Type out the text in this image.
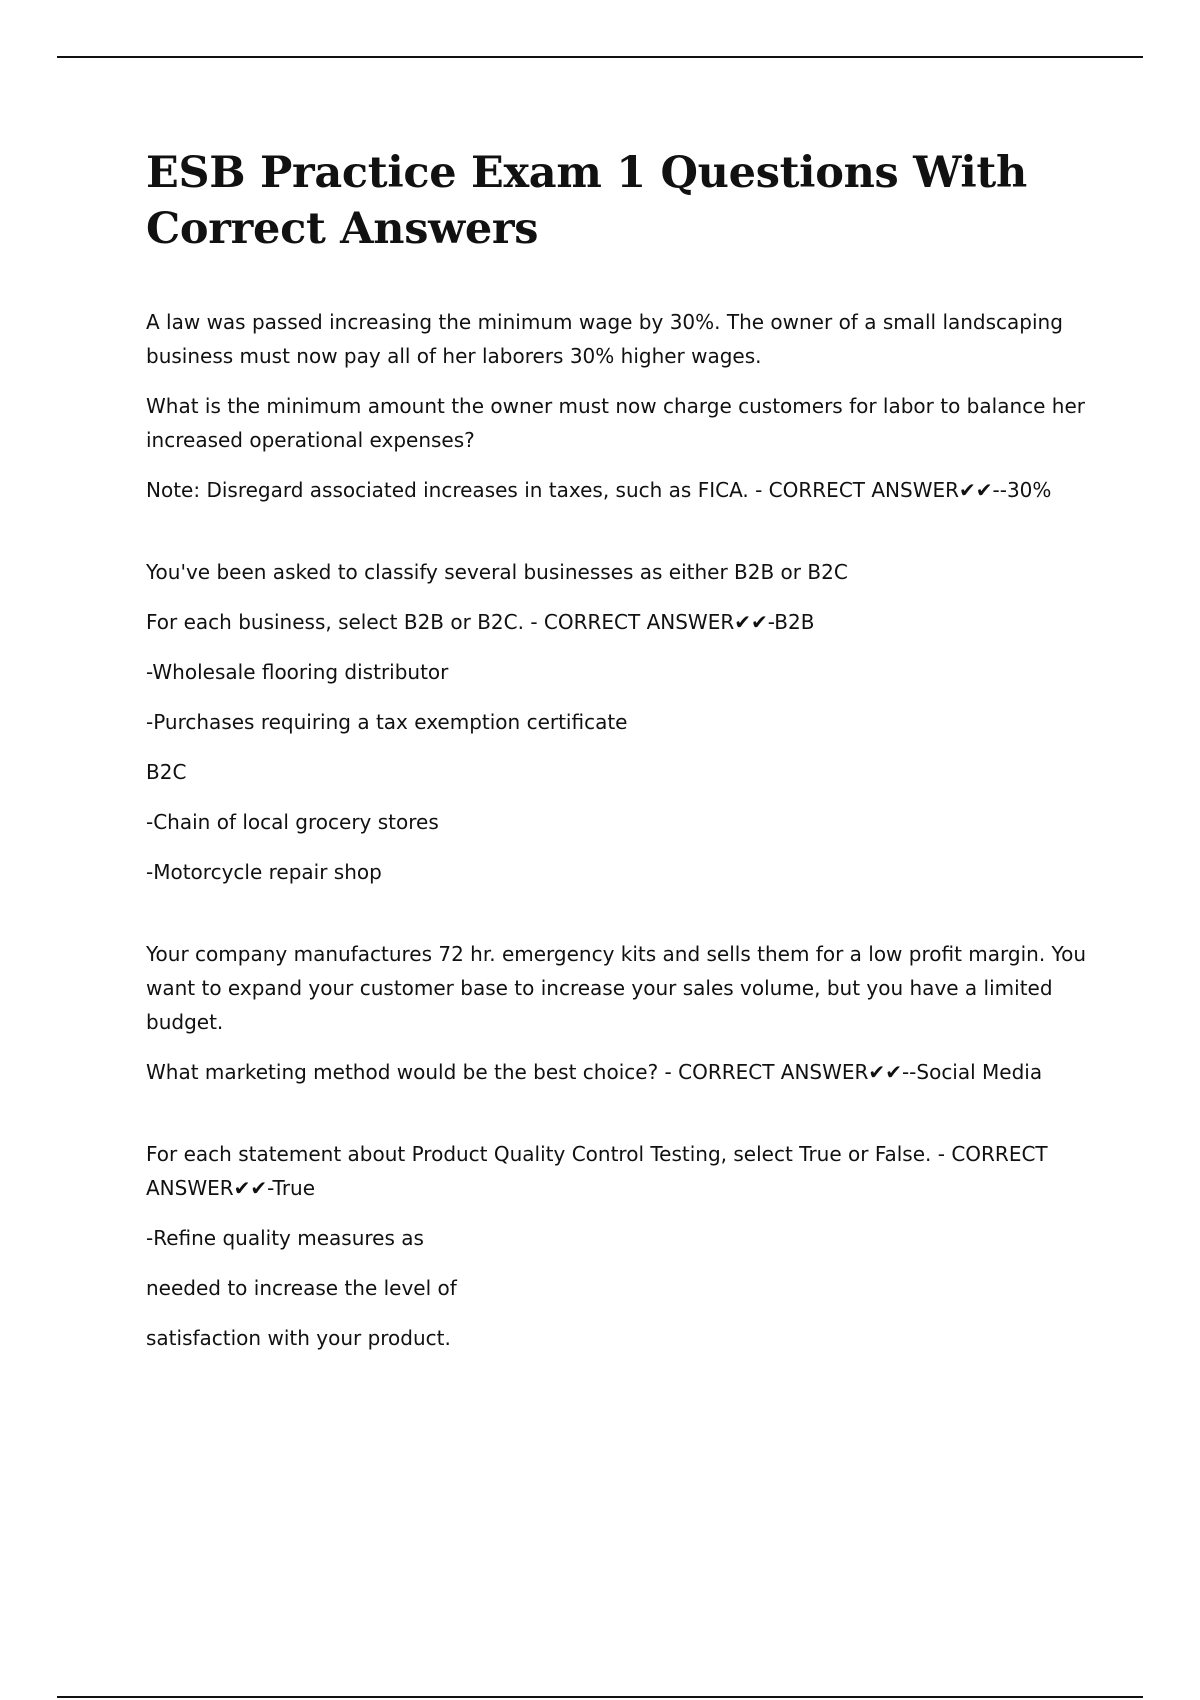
ESB Practice Exam 1 Questions With Correct Answers

A law was passed increasing the minimum wage by 30%. The owner of a small landscaping business must now pay all of her laborers 30% higher wages.

What is the minimum amount the owner must now charge customers for labor to balance her  increased operational expenses?

Note: Disregard associated increases in taxes, such as FICA. - CORRECT ANSWER✔✔--30%

You've been asked to classify several businesses as either B2B or B2C

For each business, select B2B or B2C. - CORRECT ANSWER✔✔-B2B

-Wholesale flooring distributor

-Purchases requiring a tax exemption certificate

B2C

-Chain of local grocery stores

-Motorcycle repair shop

Your company manufactures 72 hr. emergency kits and sells them for a low profit margin. You want to expand your customer base to increase your sales volume, but you have a limited budget.

What marketing method would be the best choice? - CORRECT ANSWER✔✔--Social Media

For each statement about Product Quality Control Testing, select True or False. - CORRECT ANSWER✔✔-True

-Refine quality measures as

needed to increase the level of

satisfaction with your product.
